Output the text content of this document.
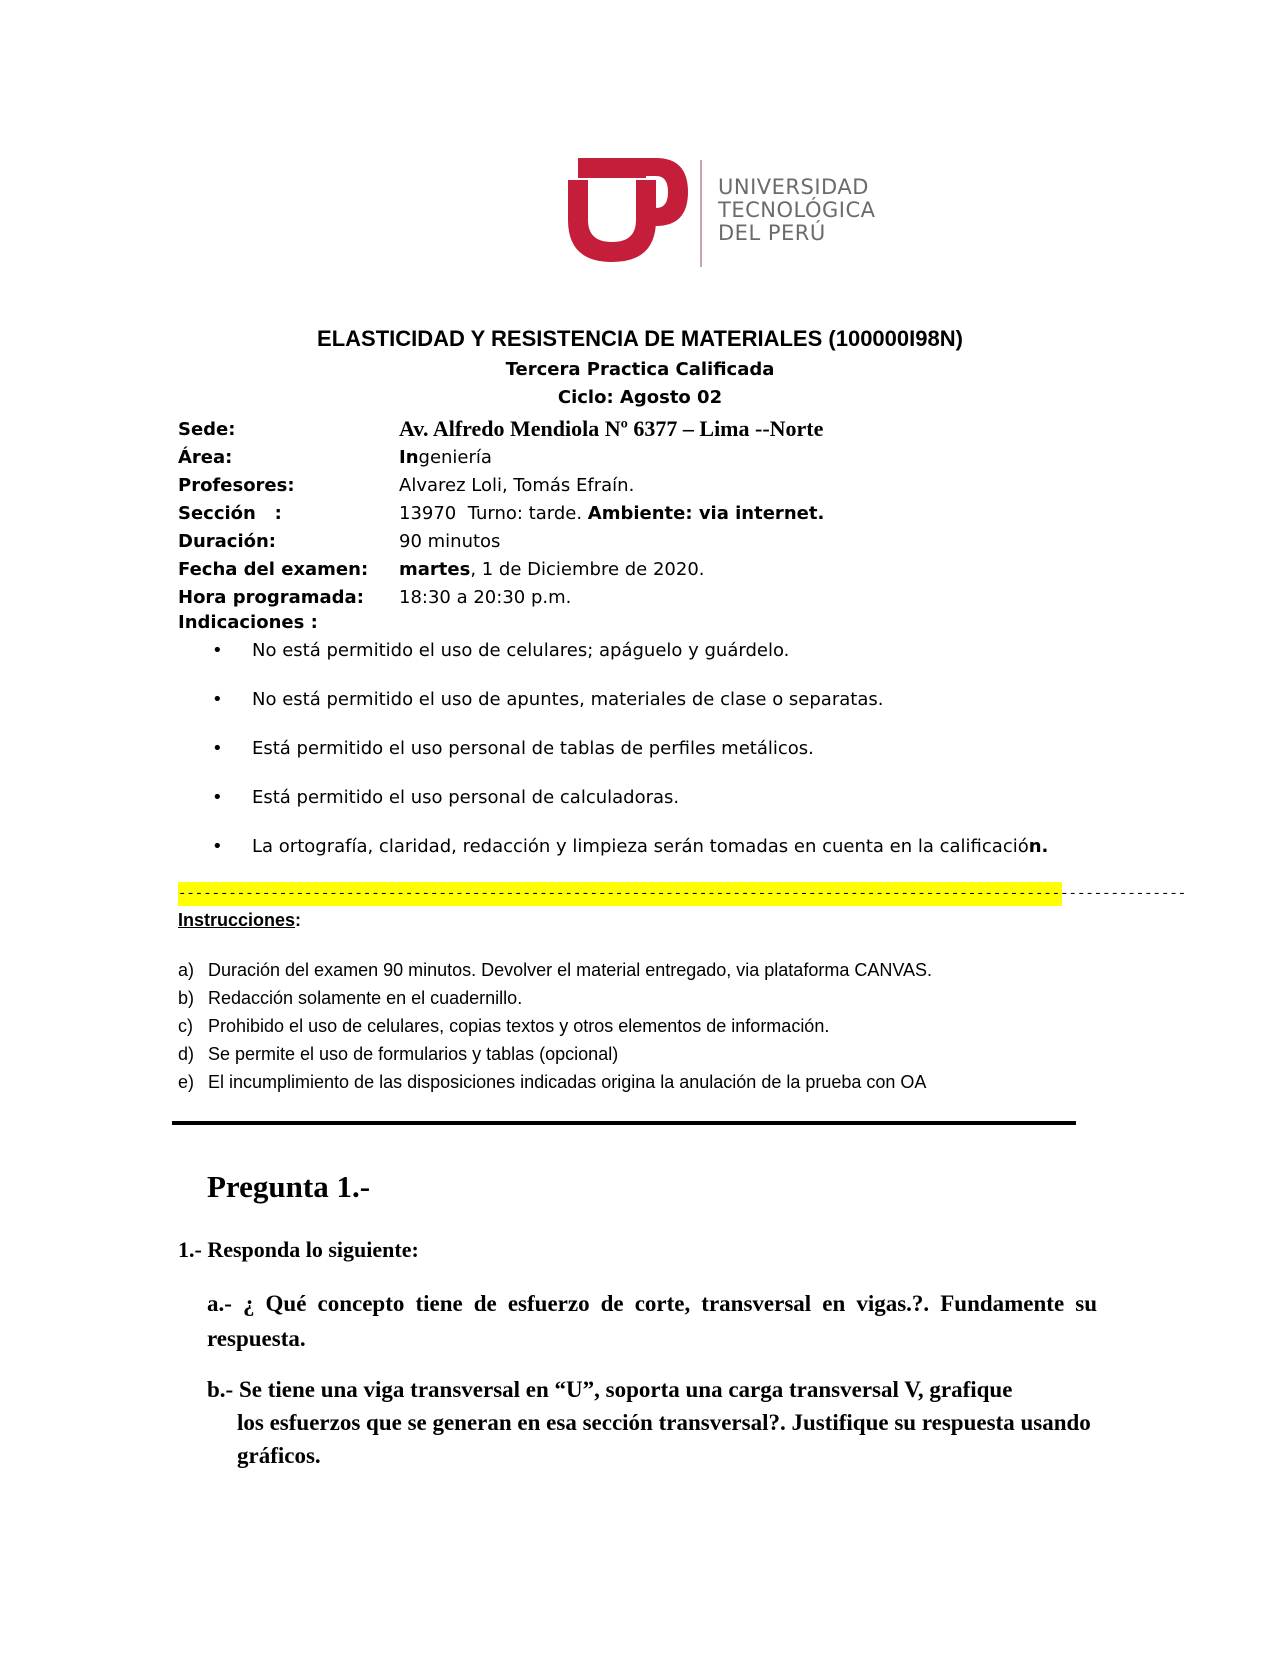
UNIVERSIDAD
TECNOLÓGICA
DEL PERÚ
ELASTICIDAD Y RESISTENCIA DE MATERIALES (100000I98N)
Tercera Practica Calificada
Ciclo: Agosto 02
Sede:	Av. Alfredo Mendiola Nº 6377 – Lima --Norte
Área:	Ingeniería
Profesores:	Alvarez Loli, Tomás Efraín.
Sección   :	13970  Turno: tarde. Ambiente: via internet.
Duración:	90 minutos
Fecha del examen: martes, 1 de Diciembre de 2020.
Hora programada: 18:30 a 20:30 p.m.
Indicaciones :
• No está permitido el uso de celulares; apáguelo y guárdelo.
• No está permitido el uso de apuntes, materiales de clase o separatas.
• Está permitido el uso personal de tablas de perfiles metálicos.
• Está permitido el uso personal de calculadoras.
• La ortografía, claridad, redacción y limpieza serán tomadas en cuenta en la calificación.
------------------------------------------------------------------------------------------------------------------------
Instrucciones:
a) Duración del examen 90 minutos. Devolver el material entregado, via plataforma CANVAS.
b) Redacción solamente en el cuadernillo.
c) Prohibido el uso de celulares, copias textos y otros elementos de información.
d) Se permite el uso de formularios y tablas (opcional)
e) El incumplimiento de las disposiciones indicadas origina la anulación de la prueba con OA
Pregunta 1.-
1.- Responda lo siguiente:
a.- ¿ Qué concepto tiene de esfuerzo de corte, transversal en vigas.?. Fundamente su respuesta.
b.- Se tiene una viga transversal en “U”, soporta una carga transversal V, grafique
los esfuerzos que se generan en esa sección transversal?. Justifique su respuesta usando gráficos.
